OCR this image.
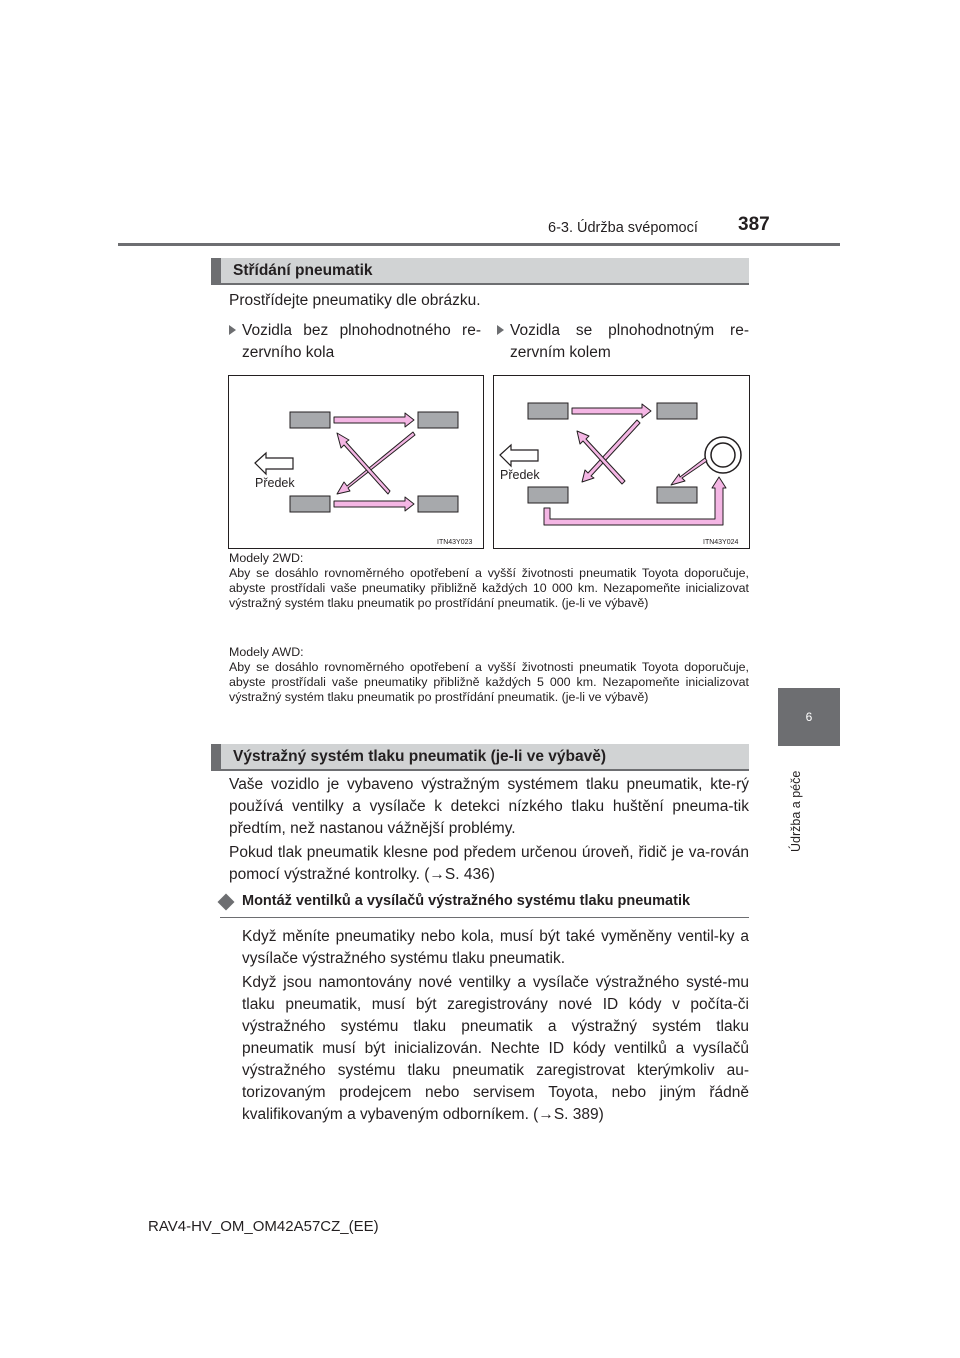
6-3. Údržba svépomocí 387
6
Údržba a péče
Střídání pneumatik
Prostřídejte pneumatiky dle obrázku.
Vozidla bez plnohodnotného re-zervního kola
Vozidla se plnohodnotným re-zervním kolem
Předek
ITN43Y023
Předek
ITN43Y024
Modely 2WD:
Aby se dosáhlo rovnoměrného opotřebení a vyšší životnosti pneumatik Toyota doporučuje, abyste prostřídali vaše pneumatiky přibližně každých 10 000 km. Nezapomeňte inicializovat výstražný systém tlaku pneumatik po prostřídání pneumatik. (je-li ve výbavě)
Modely AWD:
Aby se dosáhlo rovnoměrného opotřebení a vyšší životnosti pneumatik Toyota doporučuje, abyste prostřídali vaše pneumatiky přibližně každých 5 000 km. Nezapomeňte inicializovat výstražný systém tlaku pneumatik po prostřídání pneumatik. (je-li ve výbavě)
Výstražný systém tlaku pneumatik (je-li ve výbavě)
Vaše vozidlo je vybaveno výstražným systémem tlaku pneumatik, kte-rý používá ventilky a vysílače k detekci nízkého tlaku huštění pneuma-tik předtím, než nastanou vážnější problémy.
Pokud tlak pneumatik klesne pod předem určenou úroveň, řidič je va-rován pomocí výstražné kontrolky. (→S. 436)
Montáž ventilků a vysílačů výstražného systému tlaku pneumatik
Když měníte pneumatiky nebo kola, musí být také vyměněny ventil-ky a vysílače výstražného systému tlaku pneumatik.
Když jsou namontovány nové ventilky a vysílače výstražného systé-mu tlaku pneumatik, musí být zaregistrovány nové ID kódy v počíta-či výstražného systému tlaku pneumatik a výstražný systém tlaku pneumatik musí být inicializován. Nechte ID kódy ventilků a vysílačů výstražného systému tlaku pneumatik zaregistrovat kterýmkoliv au-torizovaným prodejcem nebo servisem Toyota, nebo jiným řádně kvalifikovaným a vybaveným odborníkem. (→S. 389)
RAV4-HV_OM_OM42A57CZ_(EE)
